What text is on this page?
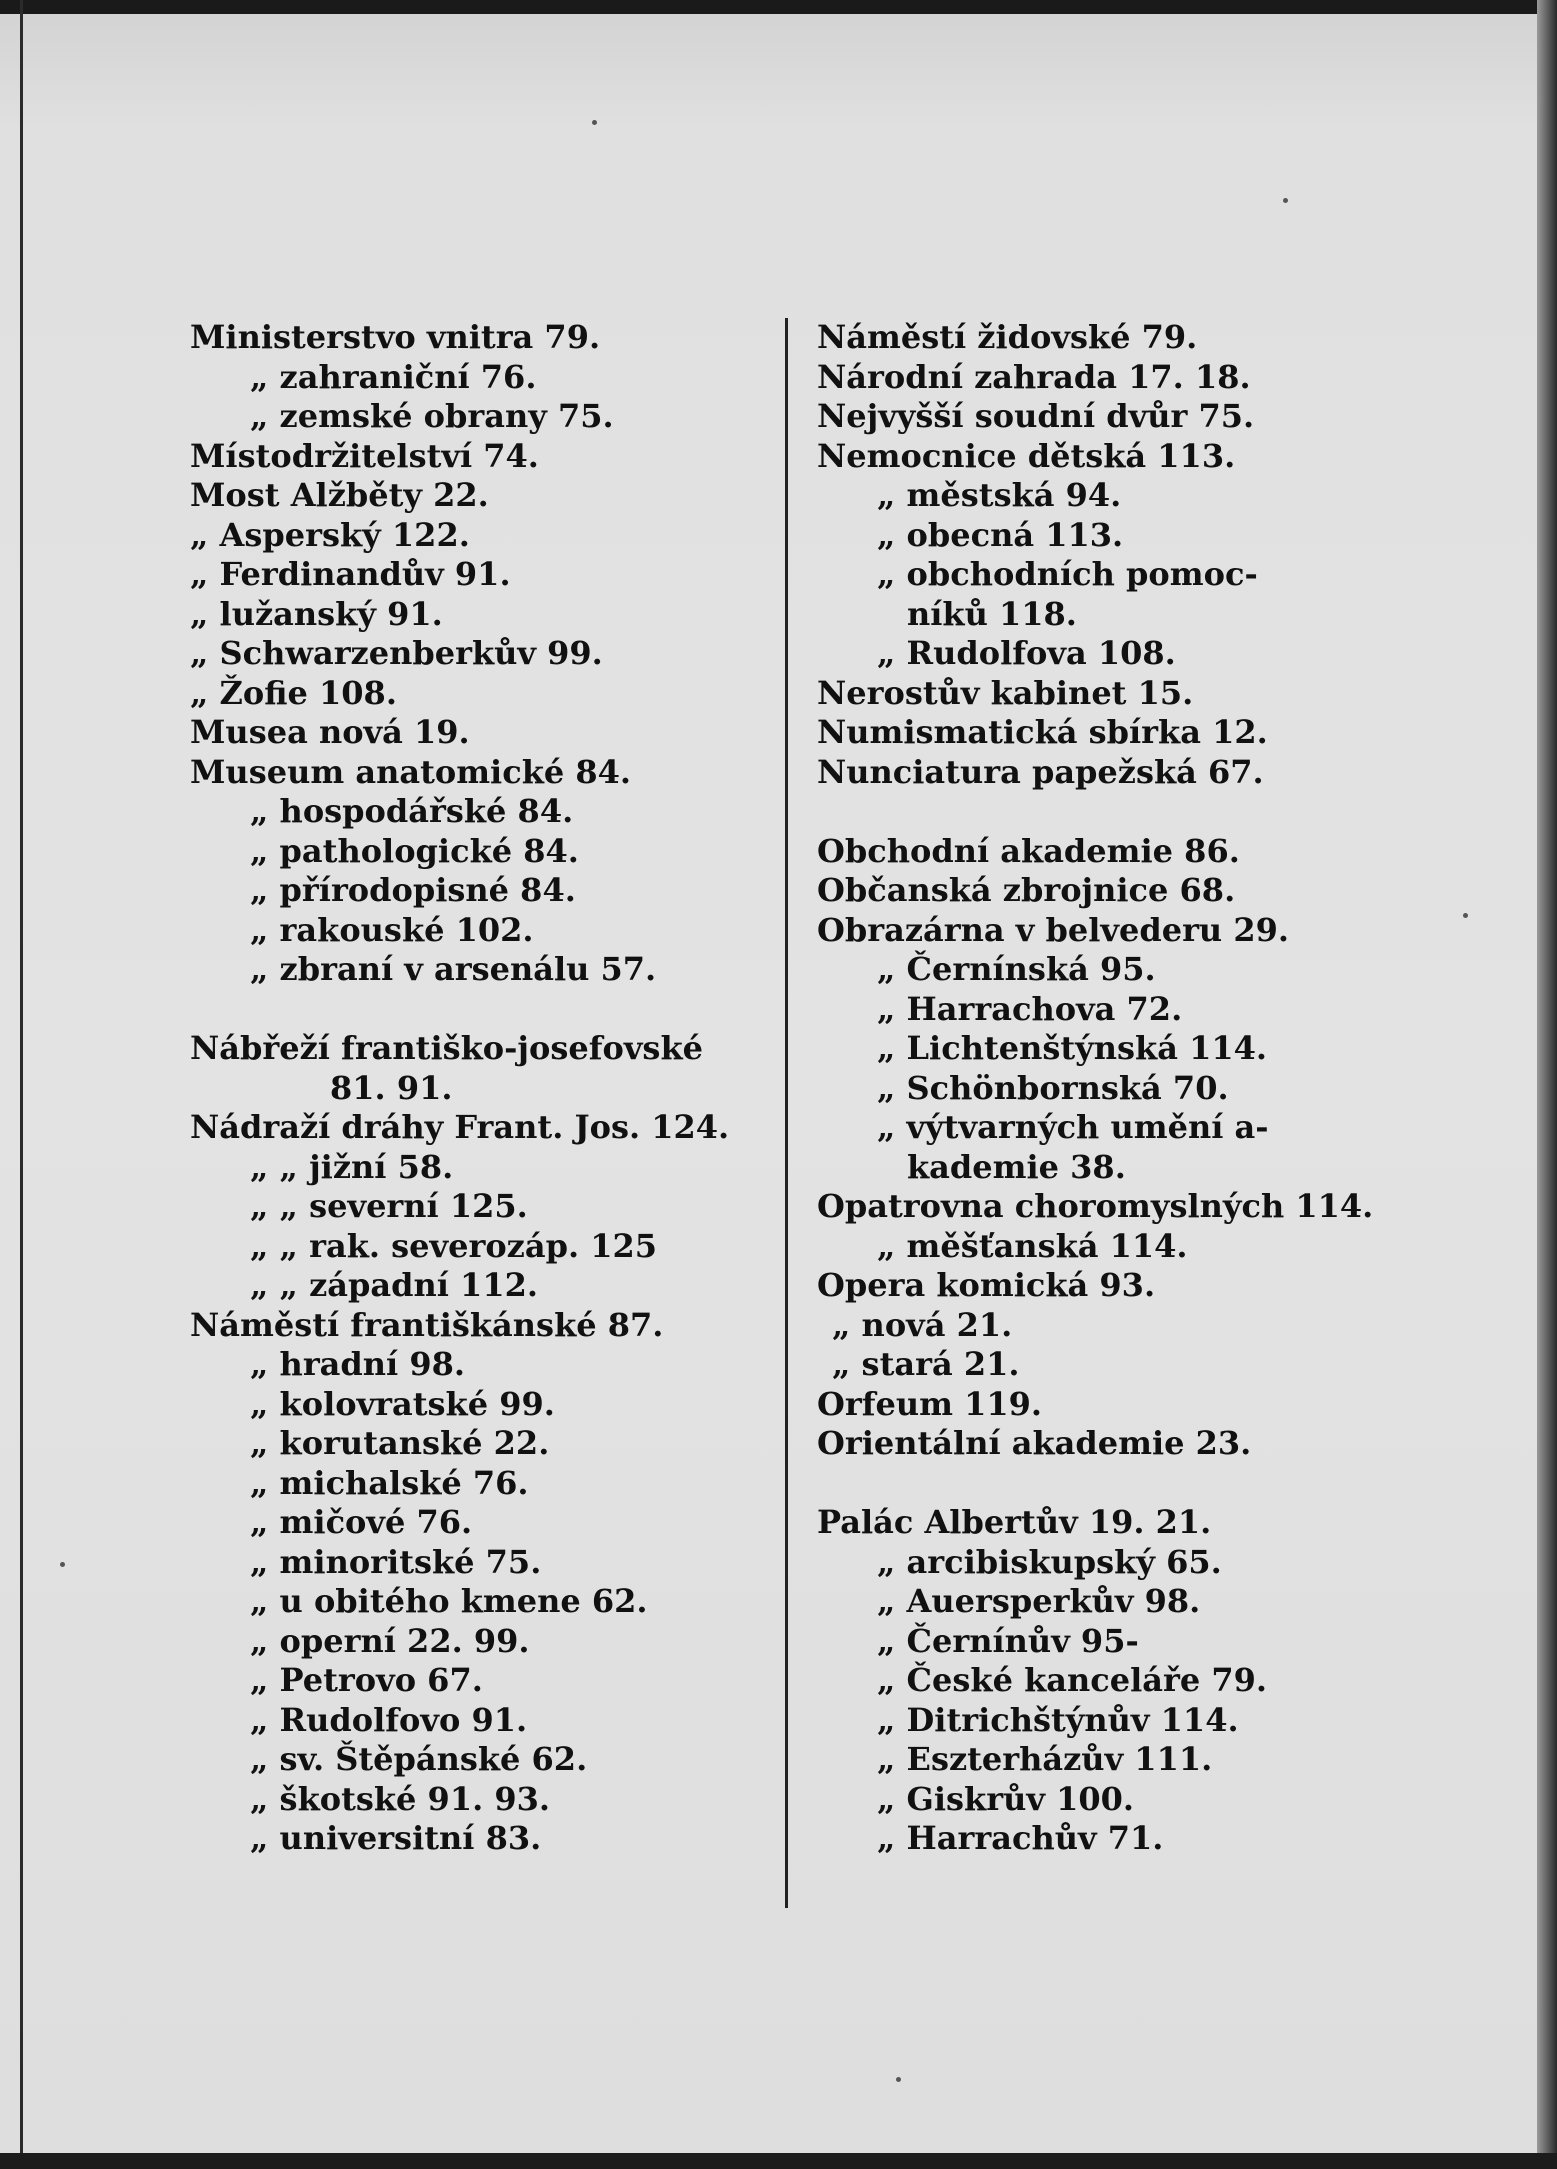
Ministerstvo vnitra 79.
„ zahraniční 76.
„ zemské obrany 75.
Místodržitelství 74.
Most Alžběty 22.
„ Asperský 122.
„ Ferdinandův 91.
„ lužanský 91.
„ Schwarzenberkův 99.
„ Žofie 108.
Musea nová 19.
Museum anatomické 84.
„ hospodářské 84.
„ pathologické 84.
„ přírodopisné 84.
„ rakouské 102.
„ zbraní v arsenálu 57.
Nábřeží františko-josefovské
81. 91.
Nádraží dráhy Frant. Jos. 124.
„ „ jižní 58.
„ „ severní 125.
„ „ rak. severozáp. 125
„ „ západní 112.
Náměstí františkánské 87.
„ hradní 98.
„ kolovratské 99.
„ korutanské 22.
„ michalské 76.
„ mičové 76.
„ minoritské 75.
„ u obitého kmene 62.
„ operní 22. 99.
„ Petrovo 67.
„ Rudolfovo 91.
„ sv. Štěpánské 62.
„ škotské 91. 93.
„ universitní 83.
Náměstí židovské 79.
Národní zahrada 17. 18.
Nejvyšší soudní dvůr 75.
Nemocnice dětská 113.
„ městská 94.
„ obecná 113.
„ obchodních pomoc-
níků 118.
„ Rudolfova 108.
Nerostův kabinet 15.
Numismatická sbírka 12.
Nunciatura papežská 67.
Obchodní akademie 86.
Občanská zbrojnice 68.
Obrazárna v belvederu 29.
„ Černínská 95.
„ Harrachova 72.
„ Lichtenštýnská 114.
„ Schönbornská 70.
„ výtvarných umění a-
kademie 38.
Opatrovna choromyslných 114.
„ měšťanská 114.
Opera komická 93.
„ nová 21.
„ stará 21.
Orfeum 119.
Orientální akademie 23.
Palác Albertův 19. 21.
„ arcibiskupský 65.
„ Auersperkův 98.
„ Černínův 95-
„ České kanceláře 79.
„ Ditrichštýnův 114.
„ Eszterházův 111.
„ Giskrův 100.
„ Harrachův 71.
